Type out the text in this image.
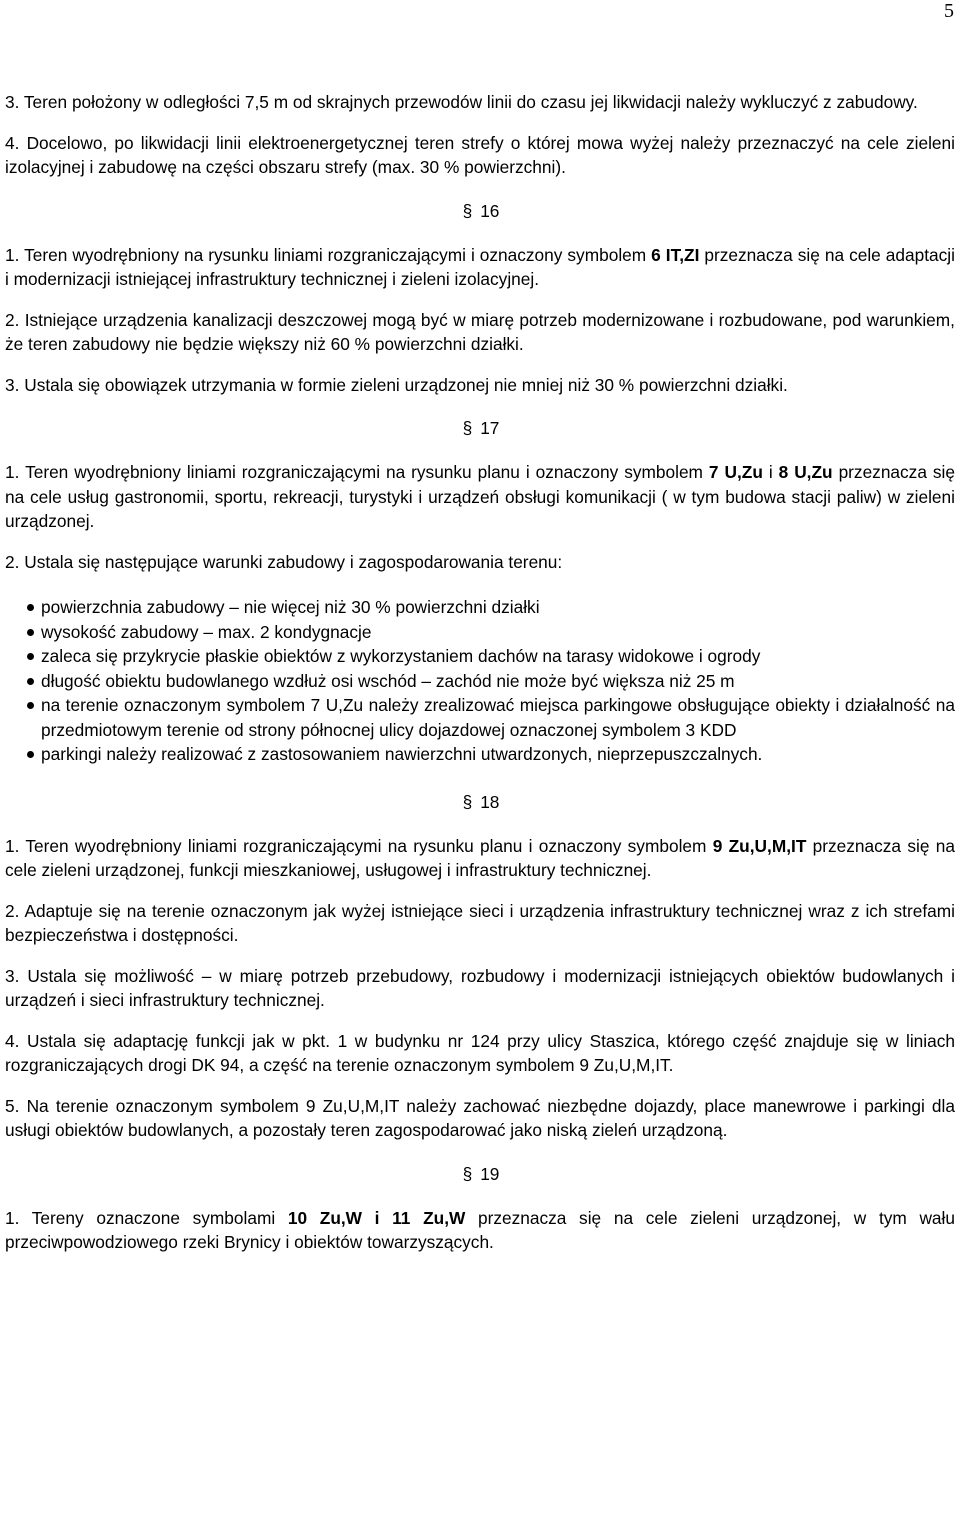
5

3. Teren położony w odległości 7,5 m od skrajnych przewodów linii do czasu jej likwidacji należy wykluczyć z zabudowy.

4. Docelowo, po likwidacji linii elektroenergetycznej teren strefy o której mowa wyżej należy przeznaczyć na cele zieleni izolacyjnej i zabudowę na części obszaru strefy (max. 30 % powierzchni).

§ 16

1. Teren wyodrębniony na rysunku liniami rozgraniczającymi i oznaczony symbolem 6 IT,ZI przeznacza się na cele adaptacji i modernizacji istniejącej infrastruktury technicznej i zieleni izolacyjnej.

2. Istniejące urządzenia kanalizacji deszczowej mogą być w miarę potrzeb modernizowane i rozbudowane, pod warunkiem, że teren zabudowy nie będzie większy niż 60 % powierzchni działki.

3. Ustala się obowiązek utrzymania w formie zieleni urządzonej nie mniej niż 30 % powierzchni działki.

§ 17

1. Teren wyodrębniony liniami rozgraniczającymi na rysunku planu i oznaczony symbolem 7 U,Zu i 8 U,Zu przeznacza się na cele usług gastronomii, sportu, rekreacji, turystyki i urządzeń obsługi komunikacji ( w tym budowa stacji paliw) w zieleni urządzonej.

2. Ustala się następujące warunki zabudowy i zagospodarowania terenu:

powierzchnia zabudowy – nie więcej niż 30 % powierzchni działki
wysokość zabudowy – max. 2 kondygnacje
zaleca się przykrycie płaskie obiektów z wykorzystaniem dachów na tarasy widokowe i ogrody
długość obiektu budowlanego wzdłuż osi wschód – zachód nie może być większa niż 25 m
na terenie oznaczonym symbolem 7 U,Zu należy zrealizować miejsca parkingowe obsługujące obiekty i działalność na przedmiotowym terenie od strony północnej ulicy dojazdowej oznaczonej symbolem 3 KDD
parkingi należy realizować z zastosowaniem nawierzchni utwardzonych, nieprzepuszczalnych.
§ 18

1. Teren wyodrębniony liniami rozgraniczającymi na rysunku planu i oznaczony symbolem 9 Zu,U,M,IT przeznacza się na cele zieleni urządzonej, funkcji mieszkaniowej, usługowej i infrastruktury technicznej.

2. Adaptuje się na terenie oznaczonym jak wyżej istniejące sieci i urządzenia infrastruktury technicznej wraz z ich strefami bezpieczeństwa i dostępności.

3. Ustala się możliwość – w miarę potrzeb przebudowy, rozbudowy i modernizacji istniejących obiektów budowlanych i urządzeń i sieci infrastruktury technicznej.

4. Ustala się adaptację funkcji jak w pkt. 1 w budynku nr 124 przy ulicy Staszica, którego część znajduje się w liniach rozgraniczających drogi DK 94, a część na terenie oznaczonym symbolem 9 Zu,U,M,IT.

5. Na terenie oznaczonym symbolem 9 Zu,U,M,IT należy zachować niezbędne dojazdy, place manewrowe i parkingi dla usługi obiektów budowlanych, a pozostały teren zagospodarować jako niską zieleń urządzoną.

§ 19

1. Tereny oznaczone symbolami 10 Zu,W i 11 Zu,W przeznacza się na cele zieleni urządzonej, w tym wału przeciwpowodziowego rzeki Brynicy i obiektów towarzyszących.
